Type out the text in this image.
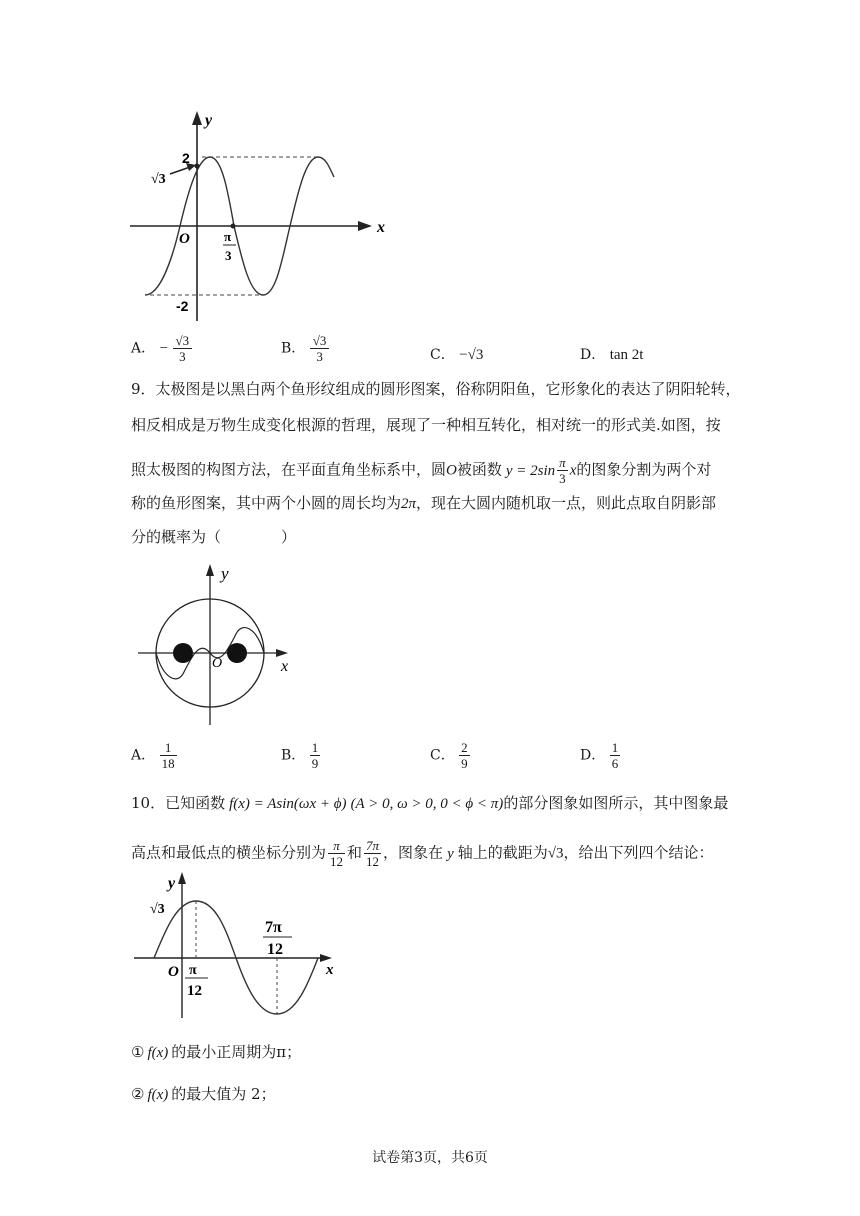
y
x
O
2
-2
√3
π
3
A． − $\frac{√3}{3}$	B． $\frac{√3}{3}$	C． −√3	D． tan 2t
9．太极图是以黑白两个鱼形纹组成的圆形图案，俗称阴阳鱼，它形象化的表达了阴阳轮转，
相反相成是万物生成变化根源的哲理，展现了一种相互转化，相对统一的形式美.如图，按
照太极图的构图方法，在平面直角坐标系中，圆O被函数 $y = 2\sin \frac{\pi}{3}$ x的图象分割为两个对
称的鱼形图案，其中两个小圆的周长均为2π，现在大圆内随机取一点，则此点取自阴影部
分的概率为（　　　　）
y
x
O
A． $\frac{1}{18}$	B． $\frac{1}{9}$	C． $\frac{2}{9}$	D． $\frac{1}{6}$
10．已知函数 f(x) = Asin(ωx + ϕ) (A > 0, ω > 0, 0 < ϕ < π)的部分图象如图所示，其中图象最
高点和最低点的横坐标分别为 $\frac{\pi}{12}$ 和 $\frac{7\pi}{12}$ ，图象在 y 轴上的截距为√3，给出下列四个结论：
y
x
O
√3
π
12
7π
12
① f(x) 的最小正周期为π；
② f(x) 的最大值为 2；
试卷第3页，共6页
